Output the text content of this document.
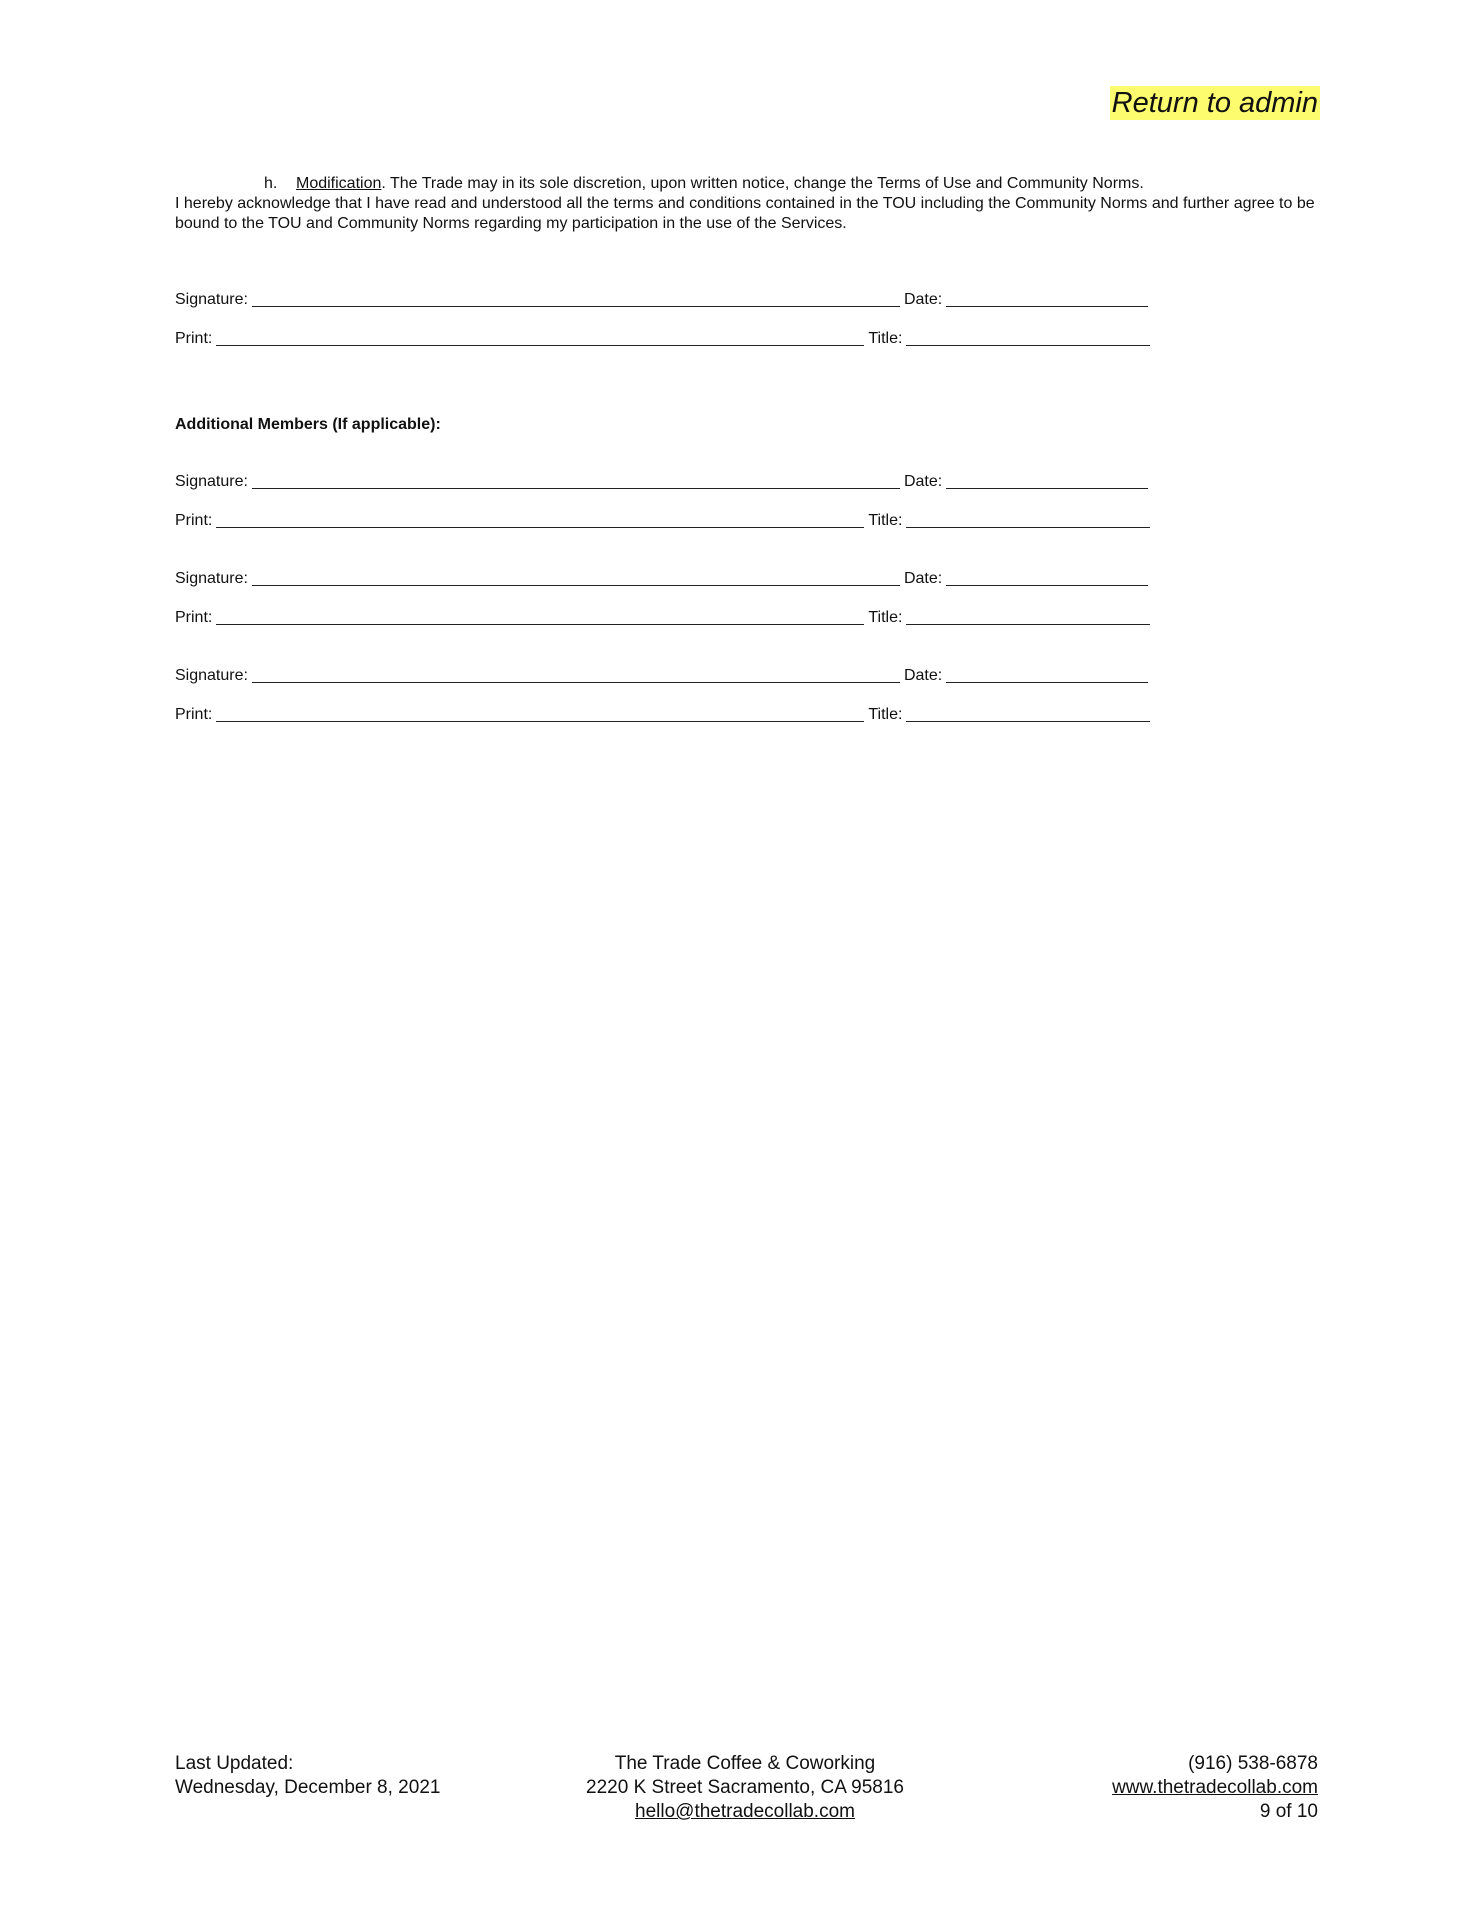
Return to admin
h. Modification. The Trade may in its sole discretion, upon written notice, change the Terms of Use and Community Norms.
I hereby acknowledge that I have read and understood all the terms and conditions contained in the TOU including the Community Norms and further agree to be bound to the TOU and Community Norms regarding my participation in the use of the Services.
Signature:	Date:
Print:	Title:
Additional Members (If applicable):
Signature:	Date:
Print:	Title:
Signature:	Date:
Print:	Title:
Signature:	Date:
Print:	Title:
Last Updated:
Wednesday, December 8, 2021
The Trade Coffee & Coworking
2220 K Street Sacramento, CA 95816
hello@thetradecollab.com
(916) 538-6878
www.thetradecollab.com
9 of 10
